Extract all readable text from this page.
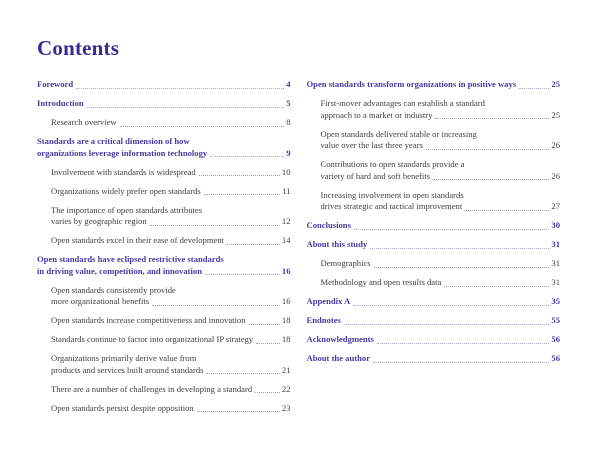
Contents
Foreword	4
Introduction	5
Research overview	8
Standards are a critical dimension of how
organizations leverage information technology	9
Involvement with standards is widespread	10
Organizations widely prefer open standards	11
The importance of open standards attributes
varies by geographic region	12
Open standards excel in their ease of development	14
Open standards have eclipsed restrictive standards
in driving value, competition, and innovation	16
Open standards consistently provide
more organizational benefits	16
Open standards increase competitiveness and innovation	18
Standards continue to factor into organizational IP strategy	18
Organizations primarily derive value from
products and services built around standards	21
There are a number of challenges in developing a standard	22
Open standards persist despite opposition	23
Open standards transform organizations in positive ways	25
First-mover advantages can establish a standard
approach to a market or industry	25
Open standards delivered stable or increasing
value over the last three years	26
Contributions to open standards provide a
variety of hard and soft benefits	26
Increasing involvement in open standards
drives strategic and tactical improvement	27
Conclusions	30
About this study	31
Demographics	31
Methodology and open results data	31
Appendix A	35
Endnotes	55
Acknowledgments	56
About the author	56
